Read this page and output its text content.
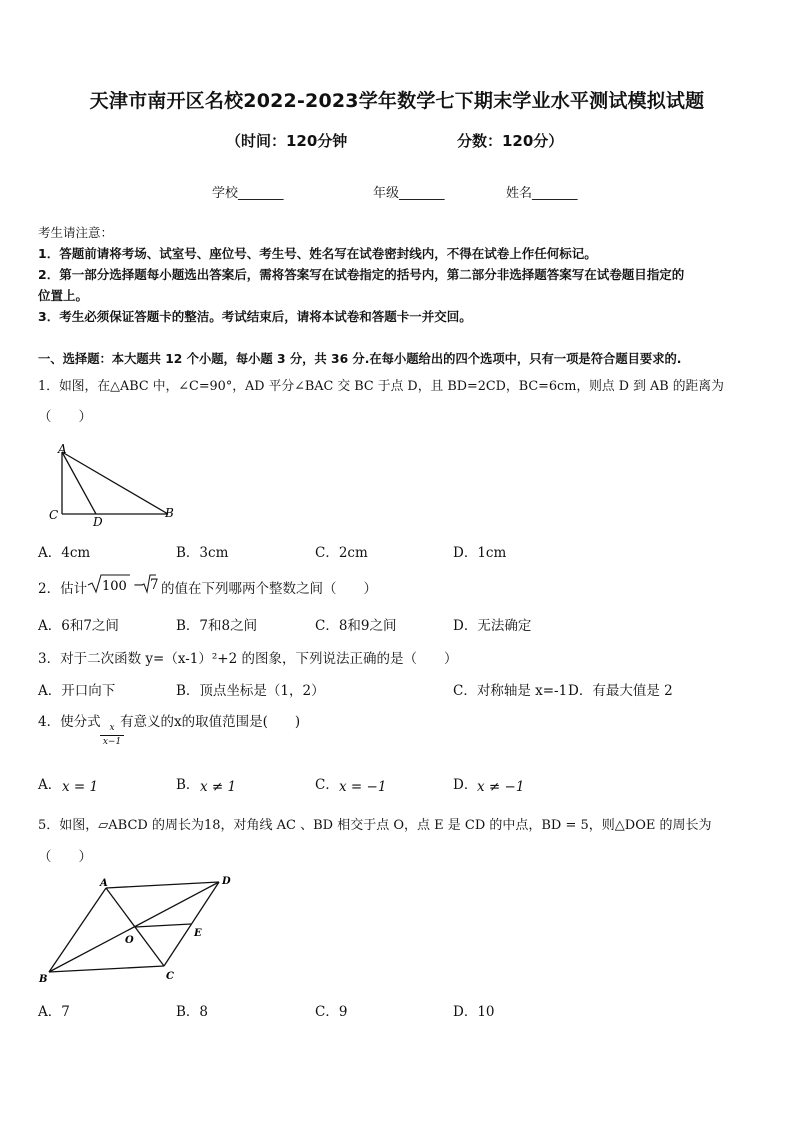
天津市南开区名校2022-2023学年数学七下期末学业水平测试模拟试题
（时间：120分钟	分数：120分）
学校_______	年级_______	姓名_______
考生请注意：
1．答题前请将考场、试室号、座位号、考生号、姓名写在试卷密封线内，不得在试卷上作任何标记。
2．第一部分选择题每小题选出答案后，需将答案写在试卷指定的括号内，第二部分非选择题答案写在试卷题目指定的
位置上。
3．考生必须保证答题卡的整洁。考试结束后，请将本试卷和答题卡一并交回。
一、选择题：本大题共 12 个小题，每小题 3 分，共 36 分.在每小题给出的四个选项中，只有一项是符合题目要求的.
1．如图，在△ABC 中，∠C=90°，AD 平分∠BAC 交 BC 于点 D，且 BD=2CD，BC=6cm，则点 D 到 AB 的距离为
（　　）
A
C	D
B
A．4cm	B．3cm	C．2cm	D．1cm
2．估计 100 − 7 的值在下列哪两个整数之间（　　）
A．6和7之间	B．7和8之间	C．8和9之间	D．无法确定
3．对于二次函数 y=（x-1）²+2 的图象，下列说法正确的是（　　）
A．开口向下	B．顶点坐标是（1，2）	C．对称轴是 x=-1 D．有最大值是 2
4．使分式 x
x−1
有意义的x的取值范围是(　　)
A． x = 1	B． x ≠ 1	C． x = −1	D． x ≠ −1
5．如图，▱ABCD 的周长为18，对角线 AC 、BD 相交于点 O，点 E 是 CD 的中点，BD = 5，则△DOE 的周长为
（　　）
A	D
O
E
B	C
A．7	B．8	C．9	D．10
